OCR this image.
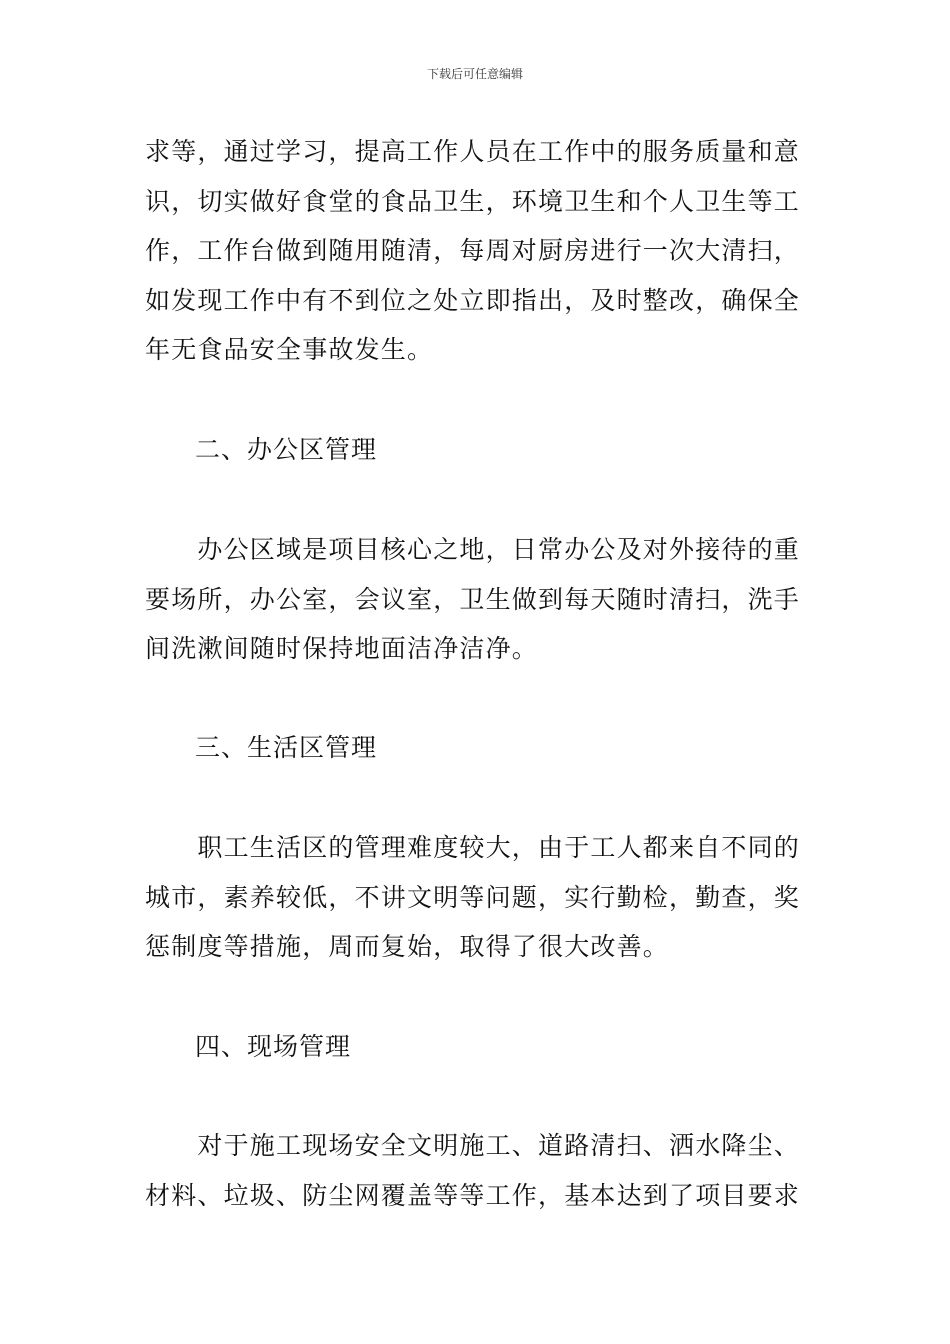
下载后可任意编辑
求等，通过学习，提高工作人员在工作中的服务质量和意
识，切实做好食堂的食品卫生，环境卫生和个人卫生等工
作，工作台做到随用随清，每周对厨房进行一次大清扫，
如发现工作中有不到位之处立即指出，及时整改，确保全
年无食品安全事故发生。
二、办公区管理
　　办公区域是项目核心之地，日常办公及对外接待的重
要场所，办公室，会议室，卫生做到每天随时清扫，洗手
间洗漱间随时保持地面洁净洁净。
三、生活区管理
　　职工生活区的管理难度较大，由于工人都来自不同的
城市，素养较低，不讲文明等问题，实行勤检，勤查，奖
惩制度等措施，周而复始，取得了很大改善。
四、现场管理
　　对于施工现场安全文明施工、道路清扫、洒水降尘、
材料、垃圾、防尘网覆盖等等工作，基本达到了项目要求
